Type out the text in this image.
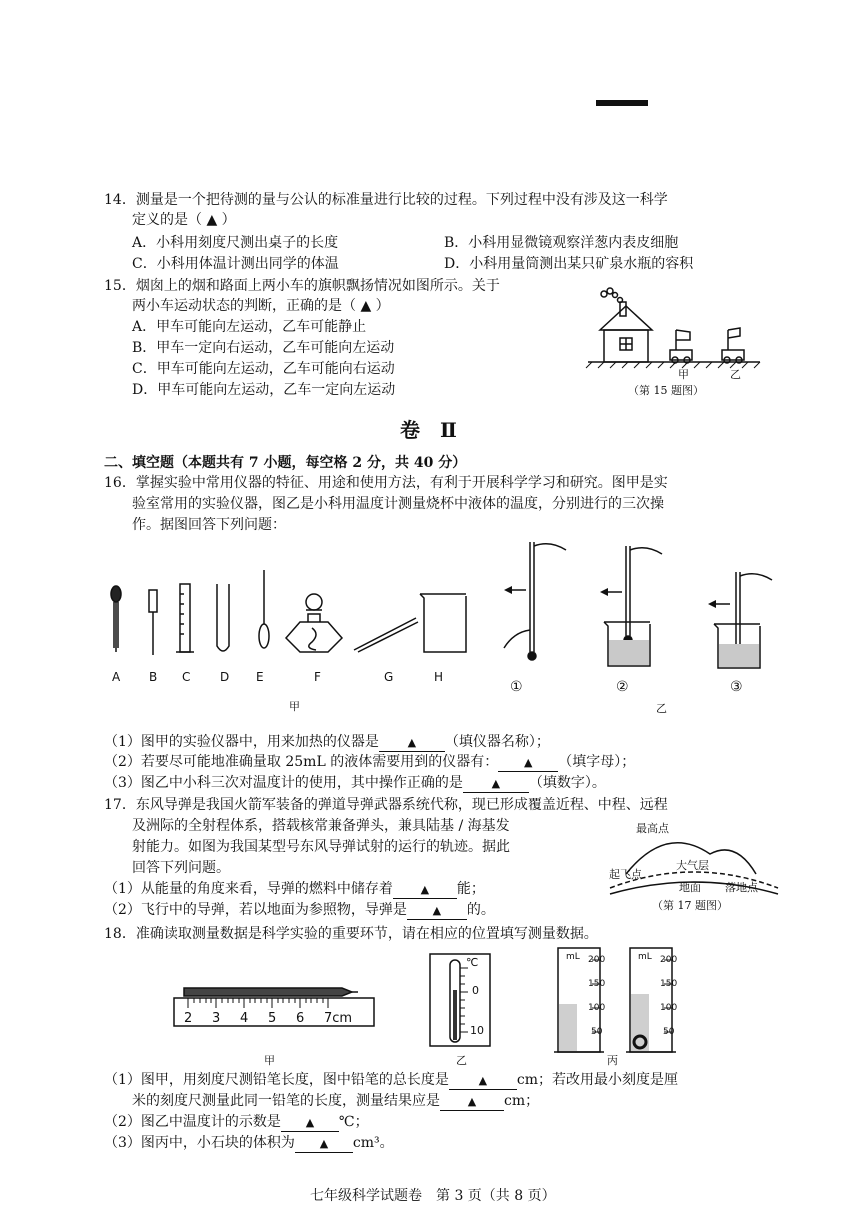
14．测量是一个把待测的量与公认的标准量进行比较的过程。下列过程中没有涉及这一科学
定义的是（ ▲ ）
A．小科用刻度尺测出桌子的长度	B．小科用显微镜观察洋葱内表皮细胞
C．小科用体温计测出同学的体温	D．小科用量筒测出某只矿泉水瓶的容积
15．烟囱上的烟和路面上两小车的旗帜飘扬情况如图所示。关于
两小车运动状态的判断，正确的是（ ▲ ）
A．甲车可能向左运动，乙车可能静止
B．甲车一定向右运动，乙车可能向左运动
C．甲车可能向左运动，乙车可能向右运动
D．甲车可能向左运动，乙车一定向左运动
甲	乙
（第 15 题图）
卷　Ⅱ
二、填空题（本题共有 7 小题，每空格 2 分，共 40 分）
16．掌握实验中常用仪器的特征、用途和使用方法，有利于开展科学学习和研究。图甲是实
验室常用的实验仪器，图乙是小科用温度计测量烧杯中液体的温度，分别进行的三次操
作。据图回答下列问题：
A B C D E	F	G	H
甲
①	②	③
乙
（1）图甲的实验仪器中，用来加热的仪器是	▲ （填仪器名称）；
（2）若要尽可能地准确量取 25mL 的液体需要用到的仪器有： ▲ （填字母）；
（3）图乙中小科三次对温度计的使用，其中操作正确的是	▲ （填数字）。
17．东风导弹是我国火箭军装备的弹道导弹武器系统代称，现已形成覆盖近程、中程、远程
及洲际的全射程体系，搭载核常兼备弹头，兼具陆基 / 海基发
射能力。如图为我国某型号东风导弹试射的运行的轨迹。据此
回答下列问题。
（1）从能量的角度来看，导弹的燃料中储存着	▲ 能；
（2）飞行中的导弹，若以地面为参照物，导弹是 ▲ 的。
最高点
起飞点
大气层
地面 落地点
（第 17 题图）
18．准确读取测量数据是科学实验的重要环节，请在相应的位置填写测量数据。
2 3 4 5 6 7cm
甲
℃
0
10
乙
mL 200
150
100
50
mL 200
150
100
50
丙
（1）图甲，用刻度尺测铅笔长度，图中铅笔的总长度是	▲ cm；若改用最小刻度是厘
米的刻度尺测量此同一铅笔的长度，测量结果应是	▲ cm；
（2）图乙中温度计的示数是 ▲ ℃；
（3）图丙中，小石块的体积为 ▲ cm³。
七年级科学试题卷　第 3 页（共 8 页）
